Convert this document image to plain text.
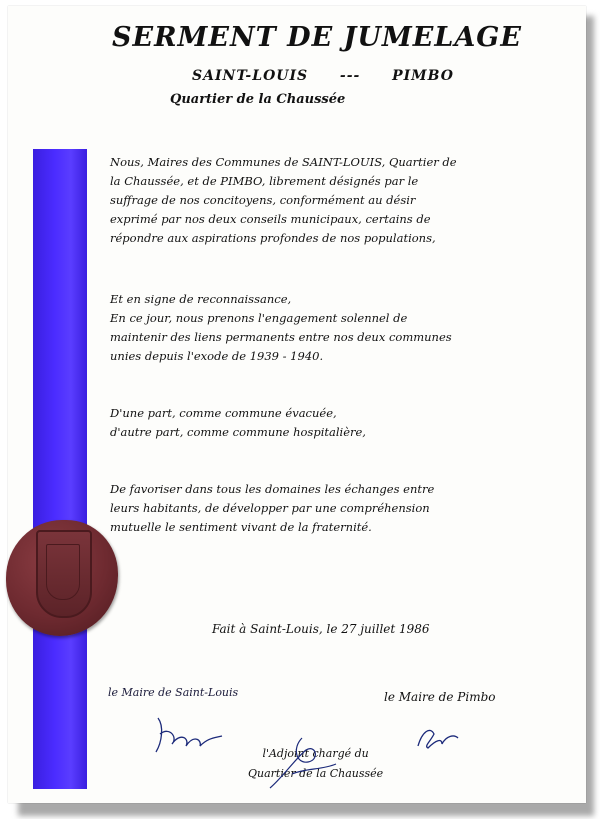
SERMENT DE JUMELAGE
SAINT-LOUIS --- PIMBO
Quartier de la Chaussée
Nous, Maires des Communes de SAINT-LOUIS, Quartier de
la Chaussée, et de PIMBO, librement désignés par le
suffrage de nos concitoyens, conformément au désir
exprimé par nos deux conseils municipaux, certains de
répondre aux aspirations profondes de nos populations,
Et en signe de reconnaissance,
En ce jour, nous prenons l'engagement solennel de
maintenir des liens permanents entre nos deux communes
unies depuis l'exode de 1939 - 1940.
D'une part, comme commune évacuée,
d'autre part, comme commune hospitalière,
De favoriser dans tous les domaines les échanges entre
leurs habitants, de développer par une compréhension
mutuelle le sentiment vivant de la fraternité.
Fait à Saint-Louis, le 27 juillet 1986
le Maire de Saint-Louis	le Maire de Pimbo
l'Adjoint chargé du
Quartier de la Chaussée
